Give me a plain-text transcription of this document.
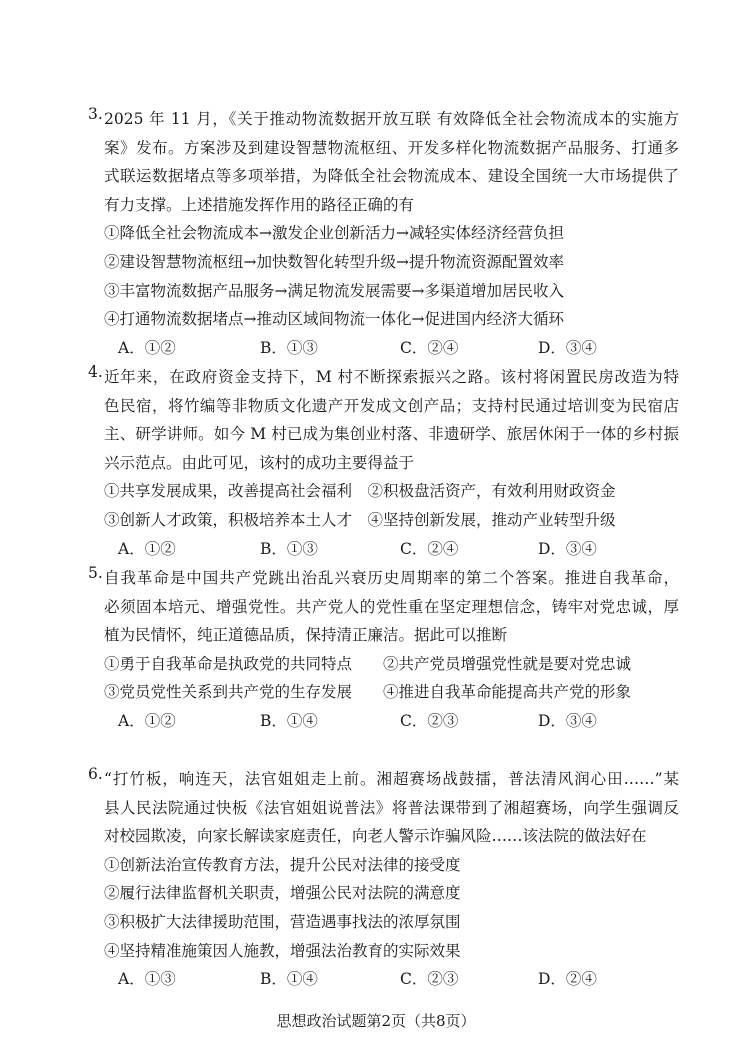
3. 2025 年 11 月，《关于推动物流数据开放互联 有效降低全社会物流成本的实施方
案》发布。方案涉及到建设智慧物流枢纽、开发多样化物流数据产品服务、打通多
式联运数据堵点等多项举措，为降低全社会物流成本、建设全国统一大市场提供了
有力支撑。上述措施发挥作用的路径正确的有
①降低全社会物流成本→激发企业创新活力→减轻实体经济经营负担
②建设智慧物流枢纽→加快数智化转型升级→提升物流资源配置效率
③丰富物流数据产品服务→满足物流发展需要→多渠道增加居民收入
④打通物流数据堵点→推动区域间物流一体化→促进国内经济大循环
A．①②	B．①③	C．②④	D．③④
4. 近年来，在政府资金支持下，M 村不断探索振兴之路。该村将闲置民房改造为特
色民宿，将竹编等非物质文化遗产开发成文创产品；支持村民通过培训变为民宿店
主、研学讲师。如今 M 村已成为集创业村落、非遗研学、旅居休闲于一体的乡村振
兴示范点。由此可见，该村的成功主要得益于
①共享发展成果，改善提高社会福利　②积极盘活资产，有效利用财政资金
③创新人才政策，积极培养本土人才　④坚持创新发展，推动产业转型升级
A．①②	B．①③	C．②④	D．③④
5. 自我革命是中国共产党跳出治乱兴衰历史周期率的第二个答案。推进自我革命，
必须固本培元、增强党性。共产党人的党性重在坚定理想信念，铸牢对党忠诚，厚
植为民情怀，纯正道德品质，保持清正廉洁。据此可以推断
①勇于自我革命是执政党的共同特点　　②共产党员增强党性就是要对党忠诚
③党员党性关系到共产党的生存发展　　④推进自我革命能提高共产党的形象
A．①②	B．①④	C．②③	D．③④
6. “打竹板，响连天，法官姐姐走上前。湘超赛场战鼓擂，普法清风润心田……”某
县人民法院通过快板《法官姐姐说普法》将普法课带到了湘超赛场，向学生强调反
对校园欺凌，向家长解读家庭责任，向老人警示诈骗风险……该法院的做法好在
①创新法治宣传教育方法，提升公民对法律的接受度
②履行法律监督机关职责，增强公民对法院的满意度
③积极扩大法律援助范围，营造遇事找法的浓厚氛围
④坚持精准施策因人施教，增强法治教育的实际效果
A．①③	B．①④	C．②③	D．②④
思想政治试题第2页（共8页）
